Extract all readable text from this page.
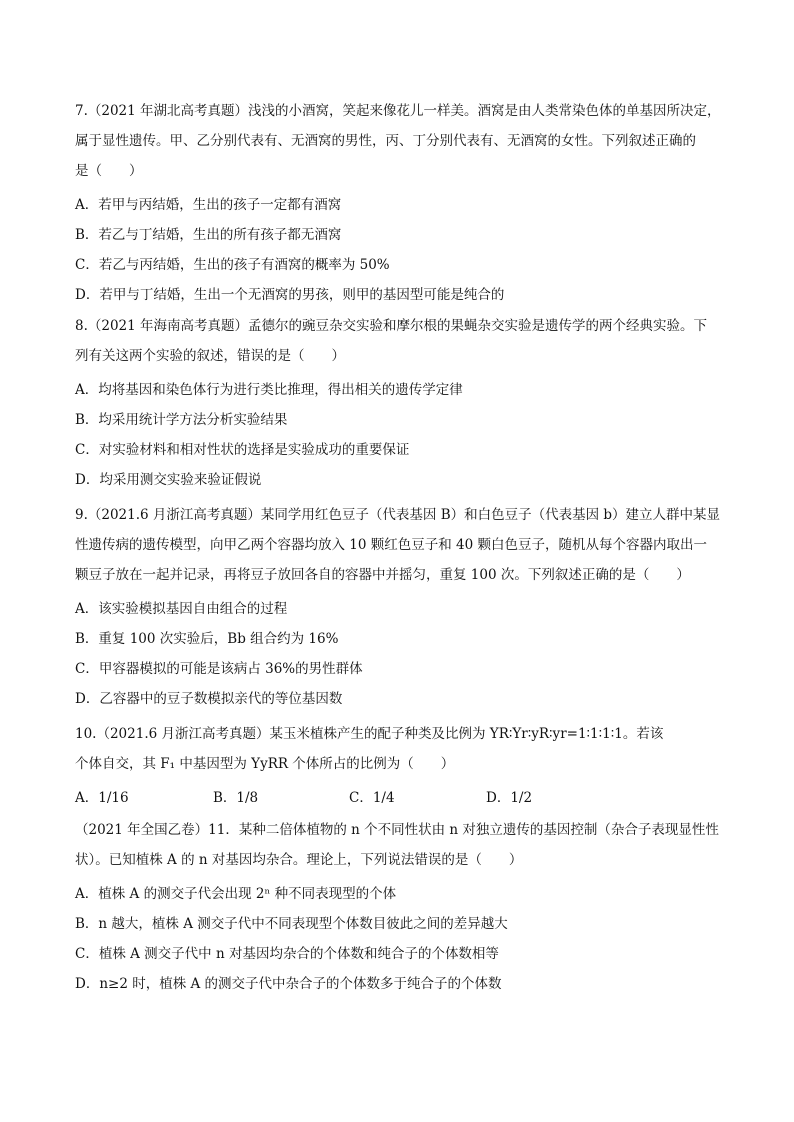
7.（2021 年湖北高考真题）浅浅的小酒窝，笑起来像花儿一样美。酒窝是由人类常染色体的单基因所决定，
属于显性遗传。甲、乙分别代表有、无酒窝的男性，丙、丁分别代表有、无酒窝的女性。下列叙述正确的
是（　　）
A．若甲与丙结婚，生出的孩子一定都有酒窝
B．若乙与丁结婚，生出的所有孩子都无酒窝
C．若乙与丙结婚，生出的孩子有酒窝的概率为 50%
D．若甲与丁结婚，生出一个无酒窝的男孩，则甲的基因型可能是纯合的
8.（2021 年海南高考真题）孟德尔的豌豆杂交实验和摩尔根的果蝇杂交实验是遗传学的两个经典实验。下
列有关这两个实验的叙述，错误的是（　　）
A．均将基因和染色体行为进行类比推理，得出相关的遗传学定律
B．均采用统计学方法分析实验结果
C．对实验材料和相对性状的选择是实验成功的重要保证
D．均采用测交实验来验证假说
9.（2021.6 月浙江高考真题）某同学用红色豆子（代表基因 B）和白色豆子（代表基因 b）建立人群中某显
性遗传病的遗传模型，向甲乙两个容器均放入 10 颗红色豆子和 40 颗白色豆子，随机从每个容器内取出一
颗豆子放在一起并记录，再将豆子放回各自的容器中并摇匀，重复 100 次。下列叙述正确的是（　　）
A．该实验模拟基因自由组合的过程
B．重复 100 次实验后，Bb 组合约为 16%
C．甲容器模拟的可能是该病占 36%的男性群体
D．乙容器中的豆子数模拟亲代的等位基因数
10.（2021.6 月浙江高考真题）某玉米植株产生的配子种类及比例为 YR∶Yr∶yR∶yr=1∶1∶1∶1。若该
个体自交，其 F₁ 中基因型为 YyRR 个体所占的比例为（　　）
A．1/16	B．1/8	C．1/4	D．1/2
（2021 年全国乙卷）11．某种二倍体植物的 n 个不同性状由 n 对独立遗传的基因控制（杂合子表现显性性
状）。已知植株 A 的 n 对基因均杂合。理论上，下列说法错误的是（　　）
A．植株 A 的测交子代会出现 2ⁿ 种不同表现型的个体
B．n 越大，植株 A 测交子代中不同表现型个体数目彼此之间的差异越大
C．植株 A 测交子代中 n 对基因均杂合的个体数和纯合子的个体数相等
D．n≥2 时，植株 A 的测交子代中杂合子的个体数多于纯合子的个体数
